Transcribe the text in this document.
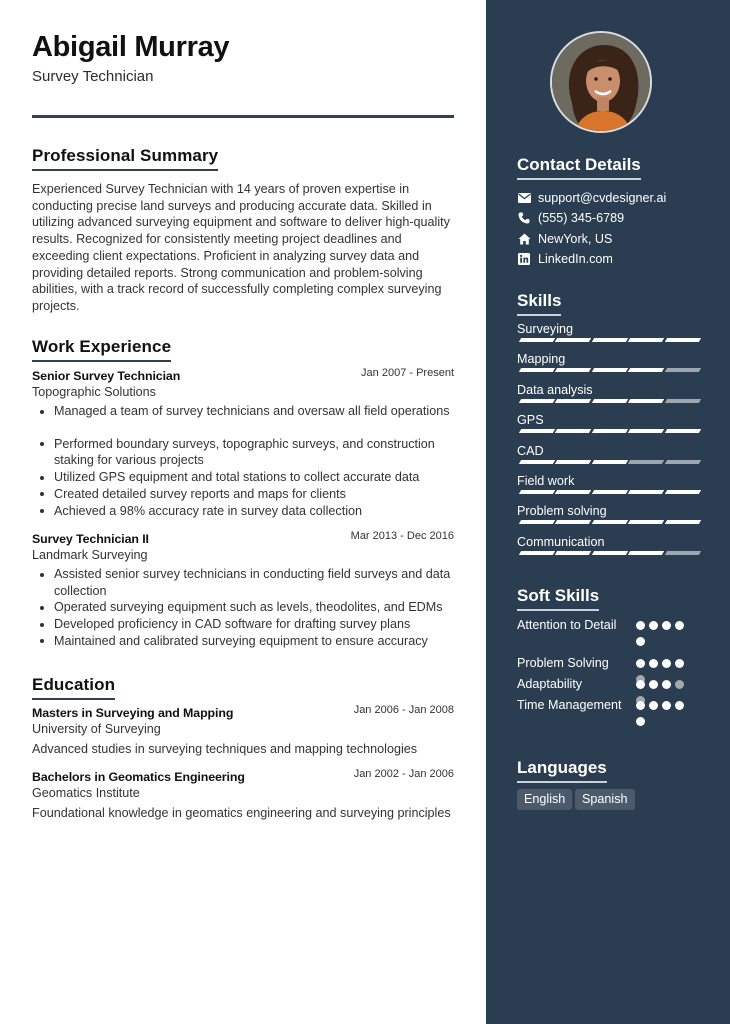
Abigail Murray
Survey Technician
Professional Summary

Experienced Survey Technician with 14 years of proven expertise in conducting precise land surveys and producing accurate data. Skilled in utilizing advanced surveying equipment and software to deliver high-quality results. Recognized for consistently meeting project deadlines and exceeding client expectations. Proficient in analyzing survey data and providing detailed reports. Strong communication and problem-solving abilities, with a track record of successfully completing complex surveying projects.

Work Experience
Senior Survey Technician	Jan 2007 - Present
Topographic Solutions
Managed a team of survey technicians and oversaw all field operations
Performed boundary surveys, topographic surveys, and construction staking for various projects
Utilized GPS equipment and total stations to collect accurate data
Created detailed survey reports and maps for clients
Achieved a 98% accuracy rate in survey data collection
Survey Technician II	Mar 2013 - Dec 2016
Landmark Surveying
Assisted senior survey technicians in conducting field surveys and data collection
Operated surveying equipment such as levels, theodolites, and EDMs
Developed proficiency in CAD software for drafting survey plans
Maintained and calibrated surveying equipment to ensure accuracy
Education
Masters in Surveying and Mapping	Jan 2006 - Jan 2008
University of Surveying
Advanced studies in surveying techniques and mapping technologies
Bachelors in Geomatics Engineering	Jan 2002 - Jan 2006
Geomatics Institute
Foundational knowledge in geomatics engineering and surveying principles
Contact Details
support@cvdesigner.ai
(555) 345-6789
NewYork, US
LinkedIn.com
Skills
Surveying
Mapping
Data analysis
GPS
CAD
Field work
Problem solving
Communication
Soft Skills
Attention to Detail
Problem Solving
Adaptability
Time Management
Languages
English	Spanish
